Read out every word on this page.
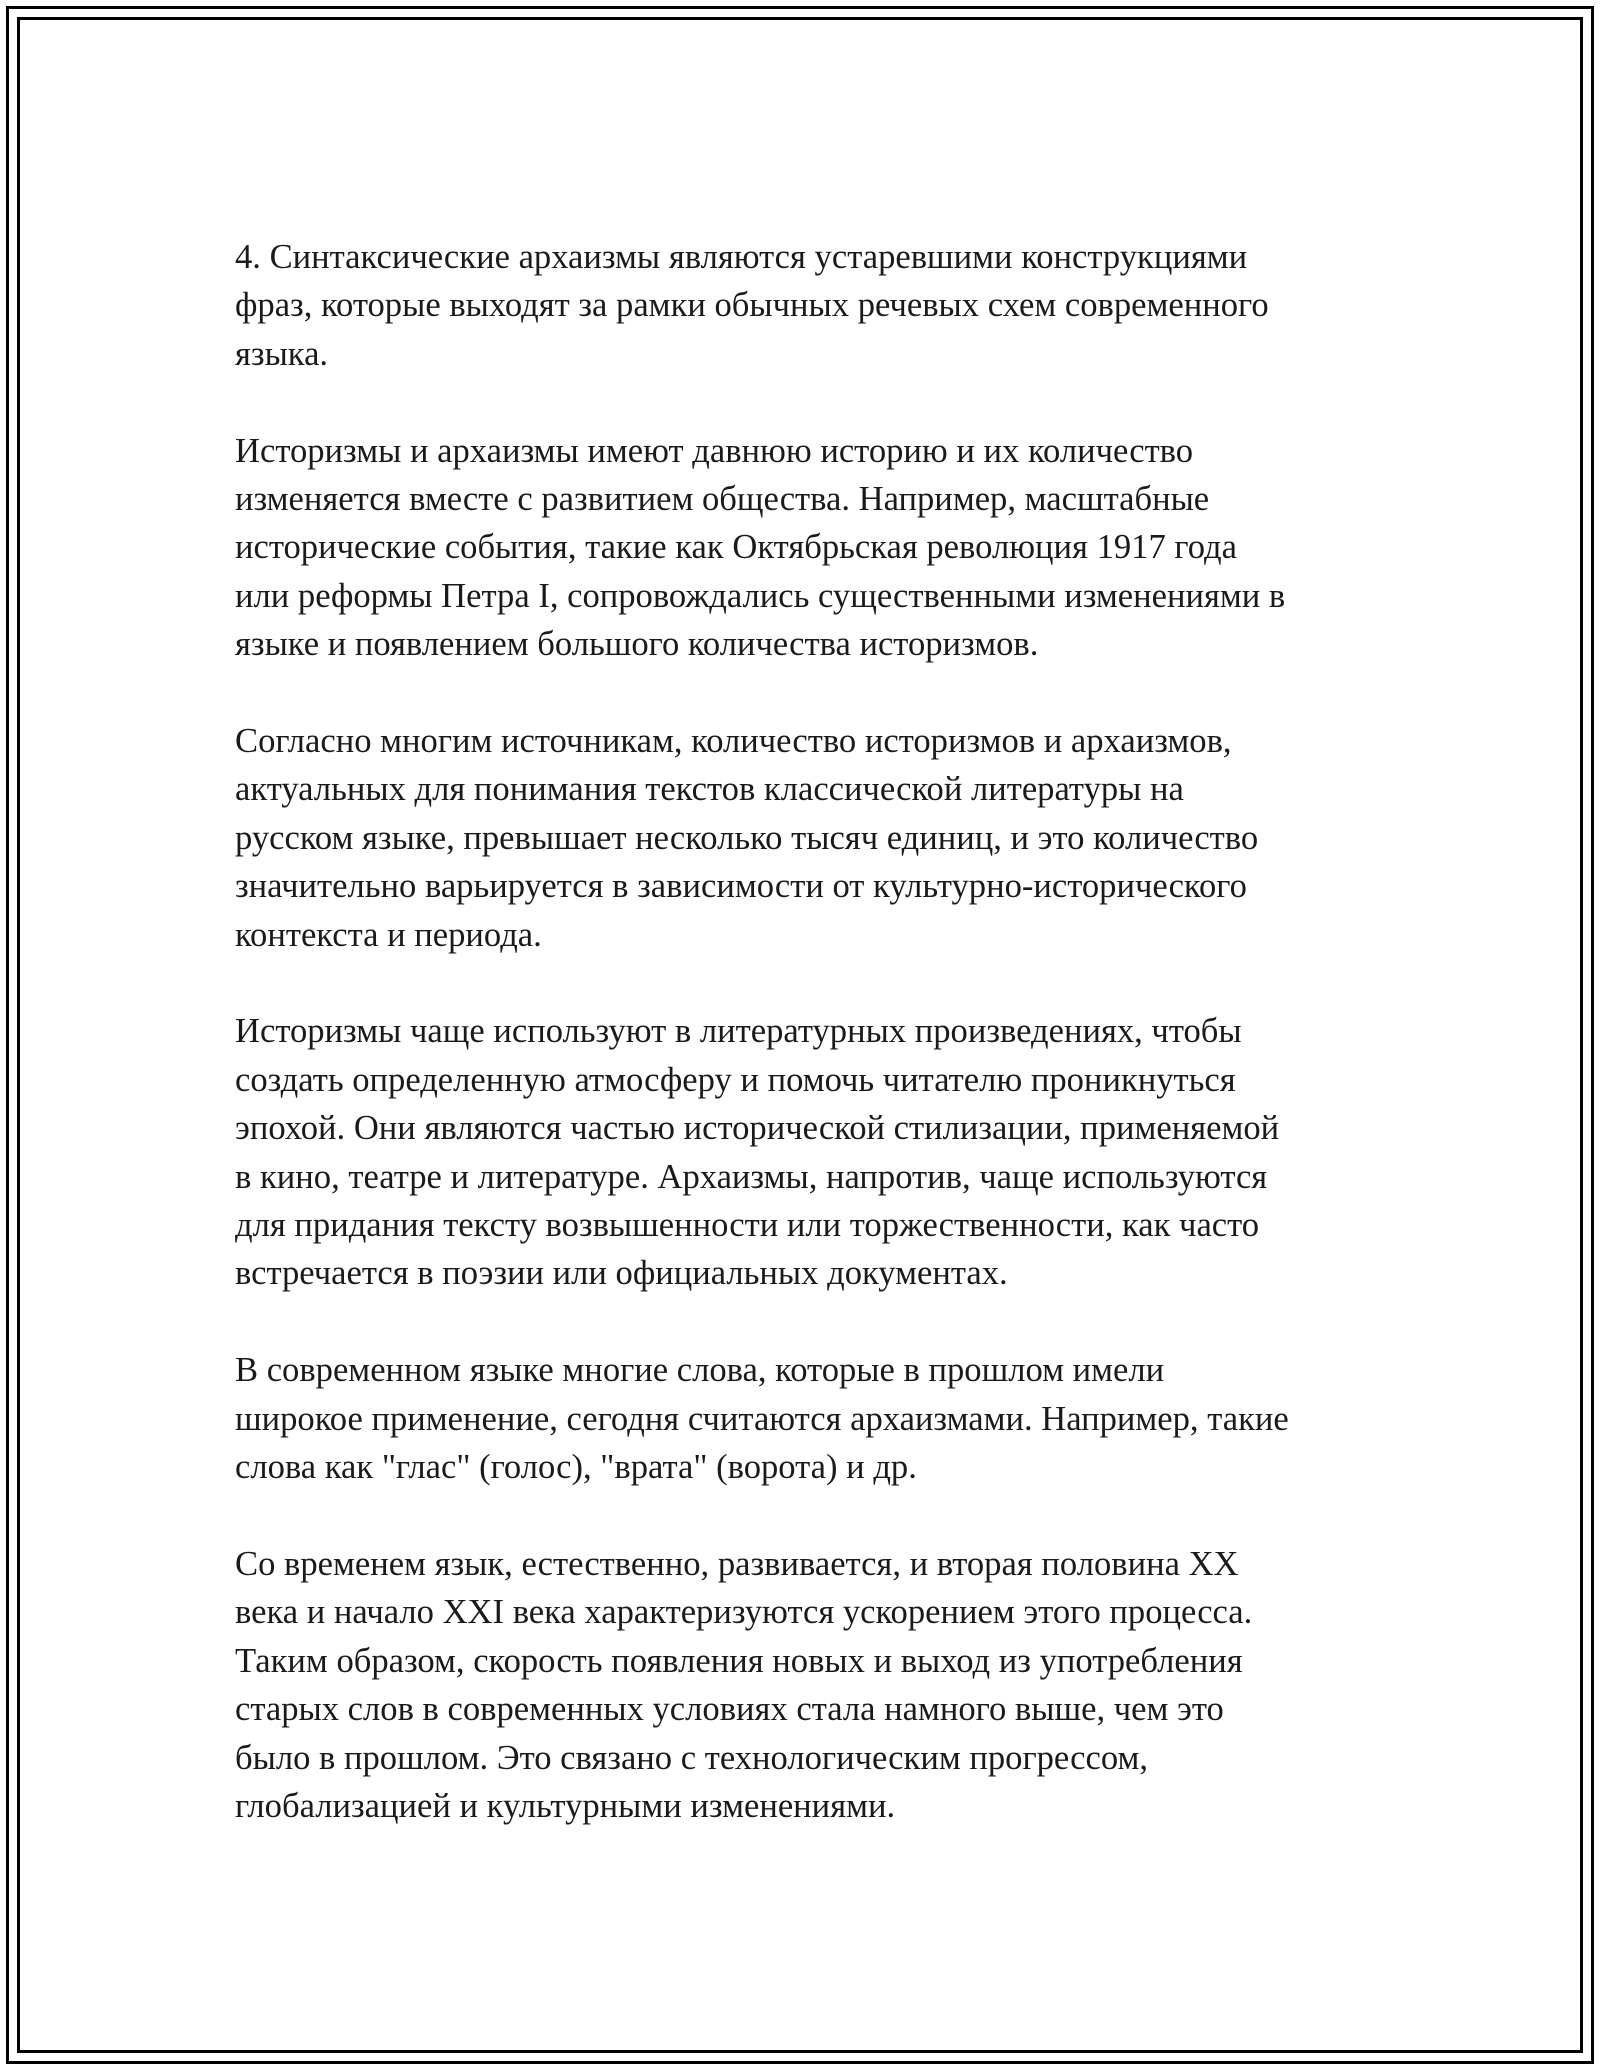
4. Синтаксические архаизмы являются устаревшими конструкциями
фраз, которые выходят за рамки обычных речевых схем современного
языка.

Историзмы и архаизмы имеют давнюю историю и их количество
изменяется вместе с развитием общества. Например, масштабные
исторические события, такие как Октябрьская революция 1917 года
или реформы Петра I, сопровождались существенными изменениями в
языке и появлением большого количества историзмов.

Согласно многим источникам, количество историзмов и архаизмов,
актуальных для понимания текстов классической литературы на
русском языке, превышает несколько тысяч единиц, и это количество
значительно варьируется в зависимости от культурно-исторического
контекста и периода.

Историзмы чаще используют в литературных произведениях, чтобы
создать определенную атмосферу и помочь читателю проникнуться
эпохой. Они являются частью исторической стилизации, применяемой
в кино, театре и литературе. Архаизмы, напротив, чаще используются
для придания тексту возвышенности или торжественности, как часто
встречается в поэзии или официальных документах.

В современном языке многие слова, которые в прошлом имели
широкое применение, сегодня считаются архаизмами. Например, такие
слова как "глас" (голос), "врата" (ворота) и др.

Со временем язык, естественно, развивается, и вторая половина XX
века и начало XXI века характеризуются ускорением этого процесса.
Таким образом, скорость появления новых и выход из употребления
старых слов в современных условиях стала намного выше, чем это
было в прошлом. Это связано с технологическим прогрессом,
глобализацией и культурными изменениями.
